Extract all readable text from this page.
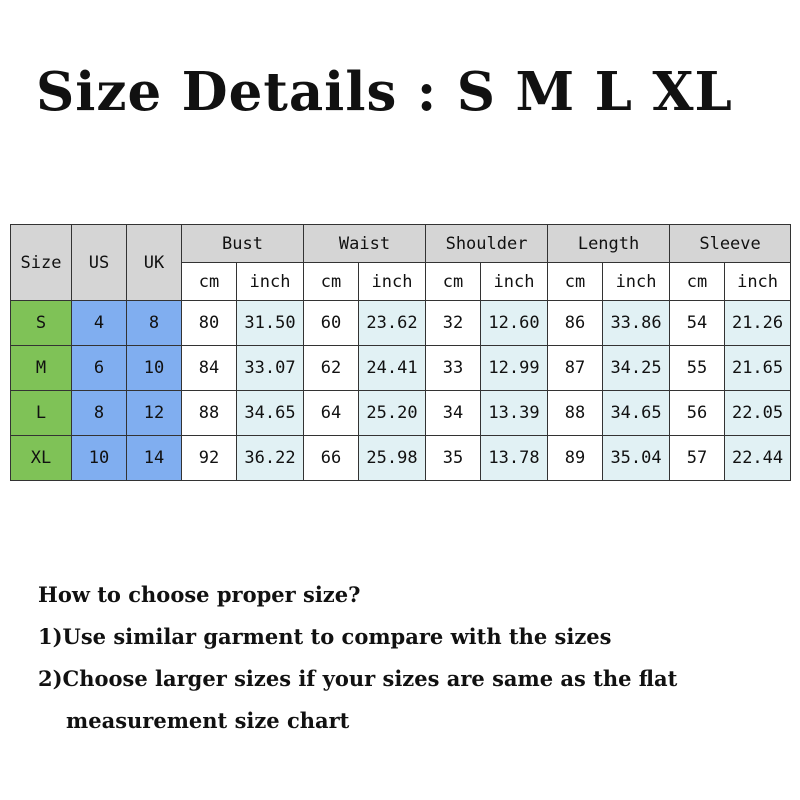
Size Details : S M L XL
Size	US	UK	Bust		Waist		Shoulder		Length		Sleeve	
			cm	inch	cm	inch	cm	inch	cm	inch	cm	inch
S	4	8	80	31.50	60	23.62	32	12.60	86	33.86	54	21.26
M	6	10	84	33.07	62	24.41	33	12.99	87	34.25	55	21.65
L	8	12	88	34.65	64	25.20	34	13.39	88	34.65	56	22.05
XL	10	14	92	36.22	66	25.98	35	13.78	89	35.04	57	22.44
How to choose proper size?
1)Use similar garment to compare with the sizes
2)Choose larger sizes if your sizes are same as the flat
measurement size chart
